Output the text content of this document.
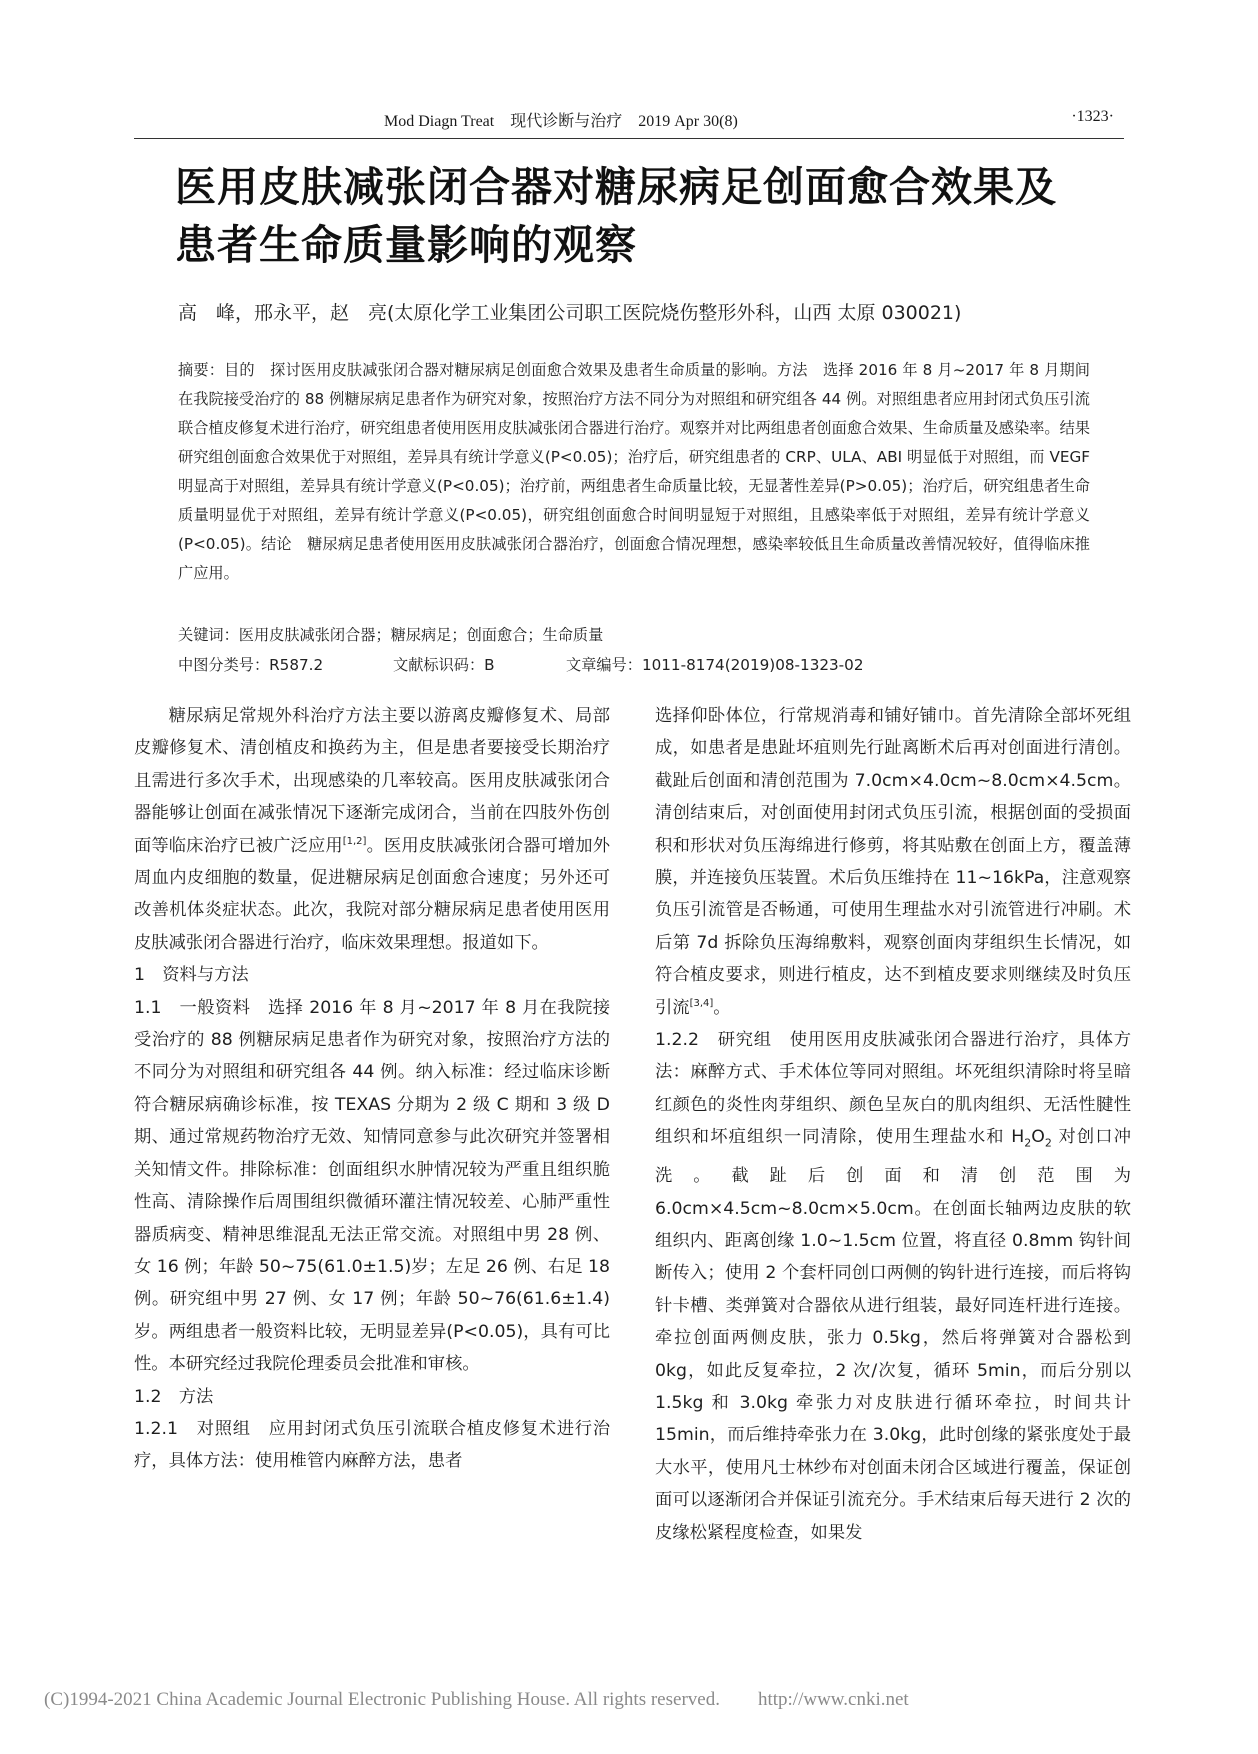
Mod Diagn Treat　现代诊断与治疗　2019 Apr 30(8)	·1323·
医用皮肤减张闭合器对糖尿病足创面愈合效果及
患者生命质量影响的观察
高　峰，邢永平，赵　亮(太原化学工业集团公司职工医院烧伤整形外科，山西 太原 030021)
摘要：目的　探讨医用皮肤减张闭合器对糖尿病足创面愈合效果及患者生命质量的影响。方法　选择 2016 年 8 月~2017 年 8 月期间在我院接受治疗的 88 例糖尿病足患者作为研究对象，按照治疗方法不同分为对照组和研究组各 44 例。对照组患者应用封闭式负压引流联合植皮修复术进行治疗，研究组患者使用医用皮肤减张闭合器进行治疗。观察并对比两组患者创面愈合效果、生命质量及感染率。结果　研究组创面愈合效果优于对照组，差异具有统计学意义(P<0.05)；治疗后，研究组患者的 CRP、ULA、ABI 明显低于对照组，而 VEGF 明显高于对照组，差异具有统计学意义(P<0.05)；治疗前，两组患者生命质量比较，无显著性差异(P>0.05)；治疗后，研究组患者生命质量明显优于对照组，差异有统计学意义(P<0.05)，研究组创面愈合时间明显短于对照组，且感染率低于对照组，差异有统计学意义(P<0.05)。结论　糖尿病足患者使用医用皮肤减张闭合器治疗，创面愈合情况理想，感染率较低且生命质量改善情况较好，值得临床推广应用。
关键词：医用皮肤减张闭合器；糖尿病足；创面愈合；生命质量
中图分类号：R587.2	文献标识码：B	文章编号：1011-8174(2019)08-1323-02

糖尿病足常规外科治疗方法主要以游离皮瓣修复术、局部皮瓣修复术、清创植皮和换药为主，但是患者要接受长期治疗且需进行多次手术，出现感染的几率较高。医用皮肤减张闭合器能够让创面在减张情况下逐渐完成闭合，当前在四肢外伤创面等临床治疗已被广泛应用[1,2]。医用皮肤减张闭合器可增加外周血内皮细胞的数量，促进糖尿病足创面愈合速度；另外还可改善机体炎症状态。此次，我院对部分糖尿病足患者使用医用皮肤减张闭合器进行治疗，临床效果理想。报道如下。

1　资料与方法

1.1　一般资料　选择 2016 年 8 月~2017 年 8 月在我院接受治疗的 88 例糖尿病足患者作为研究对象，按照治疗方法的不同分为对照组和研究组各 44 例。纳入标准：经过临床诊断符合糖尿病确诊标准，按 TEXAS 分期为 2 级 C 期和 3 级 D 期、通过常规药物治疗无效、知情同意参与此次研究并签署相关知情文件。排除标准：创面组织水肿情况较为严重且组织脆性高、清除操作后周围组织微循环灌注情况较差、心肺严重性器质病变、精神思维混乱无法正常交流。对照组中男 28 例、女 16 例；年龄 50~75(61.0±1.5)岁；左足 26 例、右足 18 例。研究组中男 27 例、女 17 例；年龄 50~76(61.6±1.4)岁。两组患者一般资料比较，无明显差异(P<0.05)，具有可比性。本研究经过我院伦理委员会批准和审核。

1.2　方法

1.2.1　对照组　应用封闭式负压引流联合植皮修复术进行治疗，具体方法：使用椎管内麻醉方法，患者

选择仰卧体位，行常规消毒和铺好铺巾。首先清除全部坏死组成，如患者是患趾坏疽则先行趾离断术后再对创面进行清创。截趾后创面和清创范围为 7.0cm×4.0cm~8.0cm×4.5cm。清创结束后，对创面使用封闭式负压引流，根据创面的受损面积和形状对负压海绵进行修剪，将其贴敷在创面上方，覆盖薄膜，并连接负压装置。术后负压维持在 11~16kPa，注意观察负压引流管是否畅通，可使用生理盐水对引流管进行冲刷。术后第 7d 拆除负压海绵敷料，观察创面肉芽组织生长情况，如符合植皮要求，则进行植皮，达不到植皮要求则继续及时负压引流[3,4]。

1.2.2　研究组　使用医用皮肤减张闭合器进行治疗，具体方法：麻醉方式、手术体位等同对照组。坏死组织清除时将呈暗红颜色的炎性肉芽组织、颜色呈灰白的肌肉组织、无活性腱性组织和坏疽组织一同清除，使用生理盐水和 $H_2O_2$ 对创口冲洗。截趾后创面和清创范围为 6.0cm×4.5cm~8.0cm×5.0cm。在创面长轴两边皮肤的软组织内、距离创缘 1.0~1.5cm 位置，将直径 0.8mm 钩针间断传入；使用 2 个套杆同创口两侧的钩针进行连接，而后将钩针卡槽、类弹簧对合器依从进行组装，最好同连杆进行连接。牵拉创面两侧皮肤，张力 0.5kg，然后将弹簧对合器松到 0kg，如此反复牵拉，2 次/次复，循环 5min，而后分别以 1.5kg 和 3.0kg 牵张力对皮肤进行循环牵拉，时间共计 15min，而后维持牵张力在 3.0kg，此时创缘的紧张度处于最大水平，使用凡士林纱布对创面未闭合区域进行覆盖，保证创面可以逐渐闭合并保证引流充分。手术结束后每天进行 2 次的皮缘松紧程度检查，如果发

(C)1994-2021 China Academic Journal Electronic Publishing House. All rights reserved.　　http://www.cnki.net
